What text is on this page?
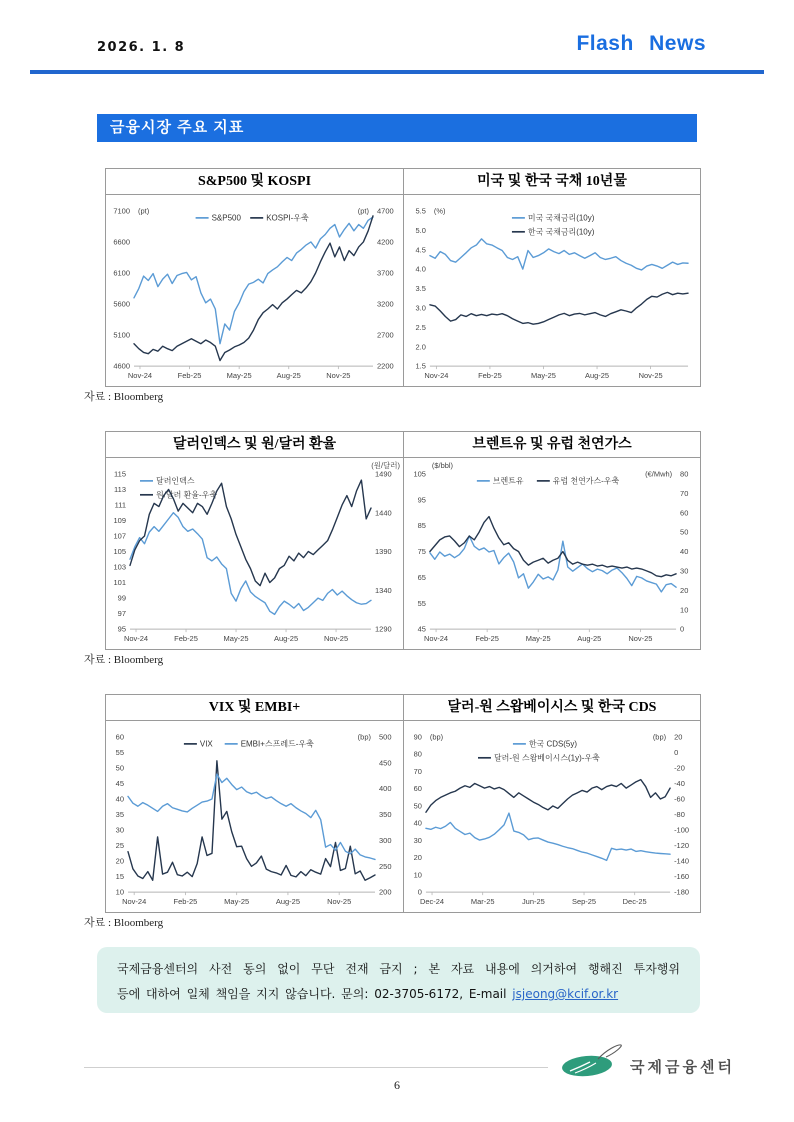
2026. 1. 8	Flash News
금융시장 주요 지표
S&P500 및 KOSPI
Nov-24	Feb-25	May-25	Aug-25	Nov-25
7100
6600
6100
5600
5100
4600
(pt)	4700
4200
3700
3200
2700
2200
(pt)
S&P500	KOSPI-우축
미국 및 한국 국채 10년물
Nov-24	Feb-25	May-25	Aug-25	Nov-25
5.5
5.0
4.5
4.0
3.5
3.0
2.5
2.0
1.5
(%)
미국 국채금리(10y)
한국 국채금리(10y)
자료 : Bloomberg
달러인덱스 및 원/달러 환율
Nov-24	Feb-25	May-25	Aug-25	Nov-25
115
113
111
109
107
105
103
101
99
97
95
1490
1440
1390
1340
1290
(원/달러)
달러인덱스
원/달러 환율-우축
브렌트유 및 유럽 천연가스
Nov-24	Feb-25	May-25	Aug-25	Nov-25
105
95
85
75
65
55
45
($/bbl)
80
70
60
50
40
30
20
10
0
(€/Mwh)
브렌트유	유럽 천연가스-우축
자료 : Bloomberg
VIX 및 EMBI+
Nov-24	Feb-25	May-25	Aug-25	Nov-25
60
55
50
45
40
35
30
25
20
15
10
500
450
400
350
300
250
200
(bp)
VIX	EMBI+스프레드-우축
달러-원 스왑베이시스 및 한국 CDS
Dec-24	Mar-25	Jun-25	Sep-25	Dec-25
90
80
70
60
50
40
30
20
10
0
(bp)	20
0
-20
-40
-60
-80
-100
-120
-140
-160
-180
(bp)
한국 CDS(5y)
달러-원 스왑베이시스(1y)-우축
자료 : Bloomberg
국제금융센터의 사전 동의 없이 무단 전재 금지 ; 본 자료 내용에 의거하여 행해진 투자행위
등에 대하여 일체 책임을 지지 않습니다. 문의: 02-3705-6172, E-mail jsjeong@kcif.or.kr
국제금융센터
6
